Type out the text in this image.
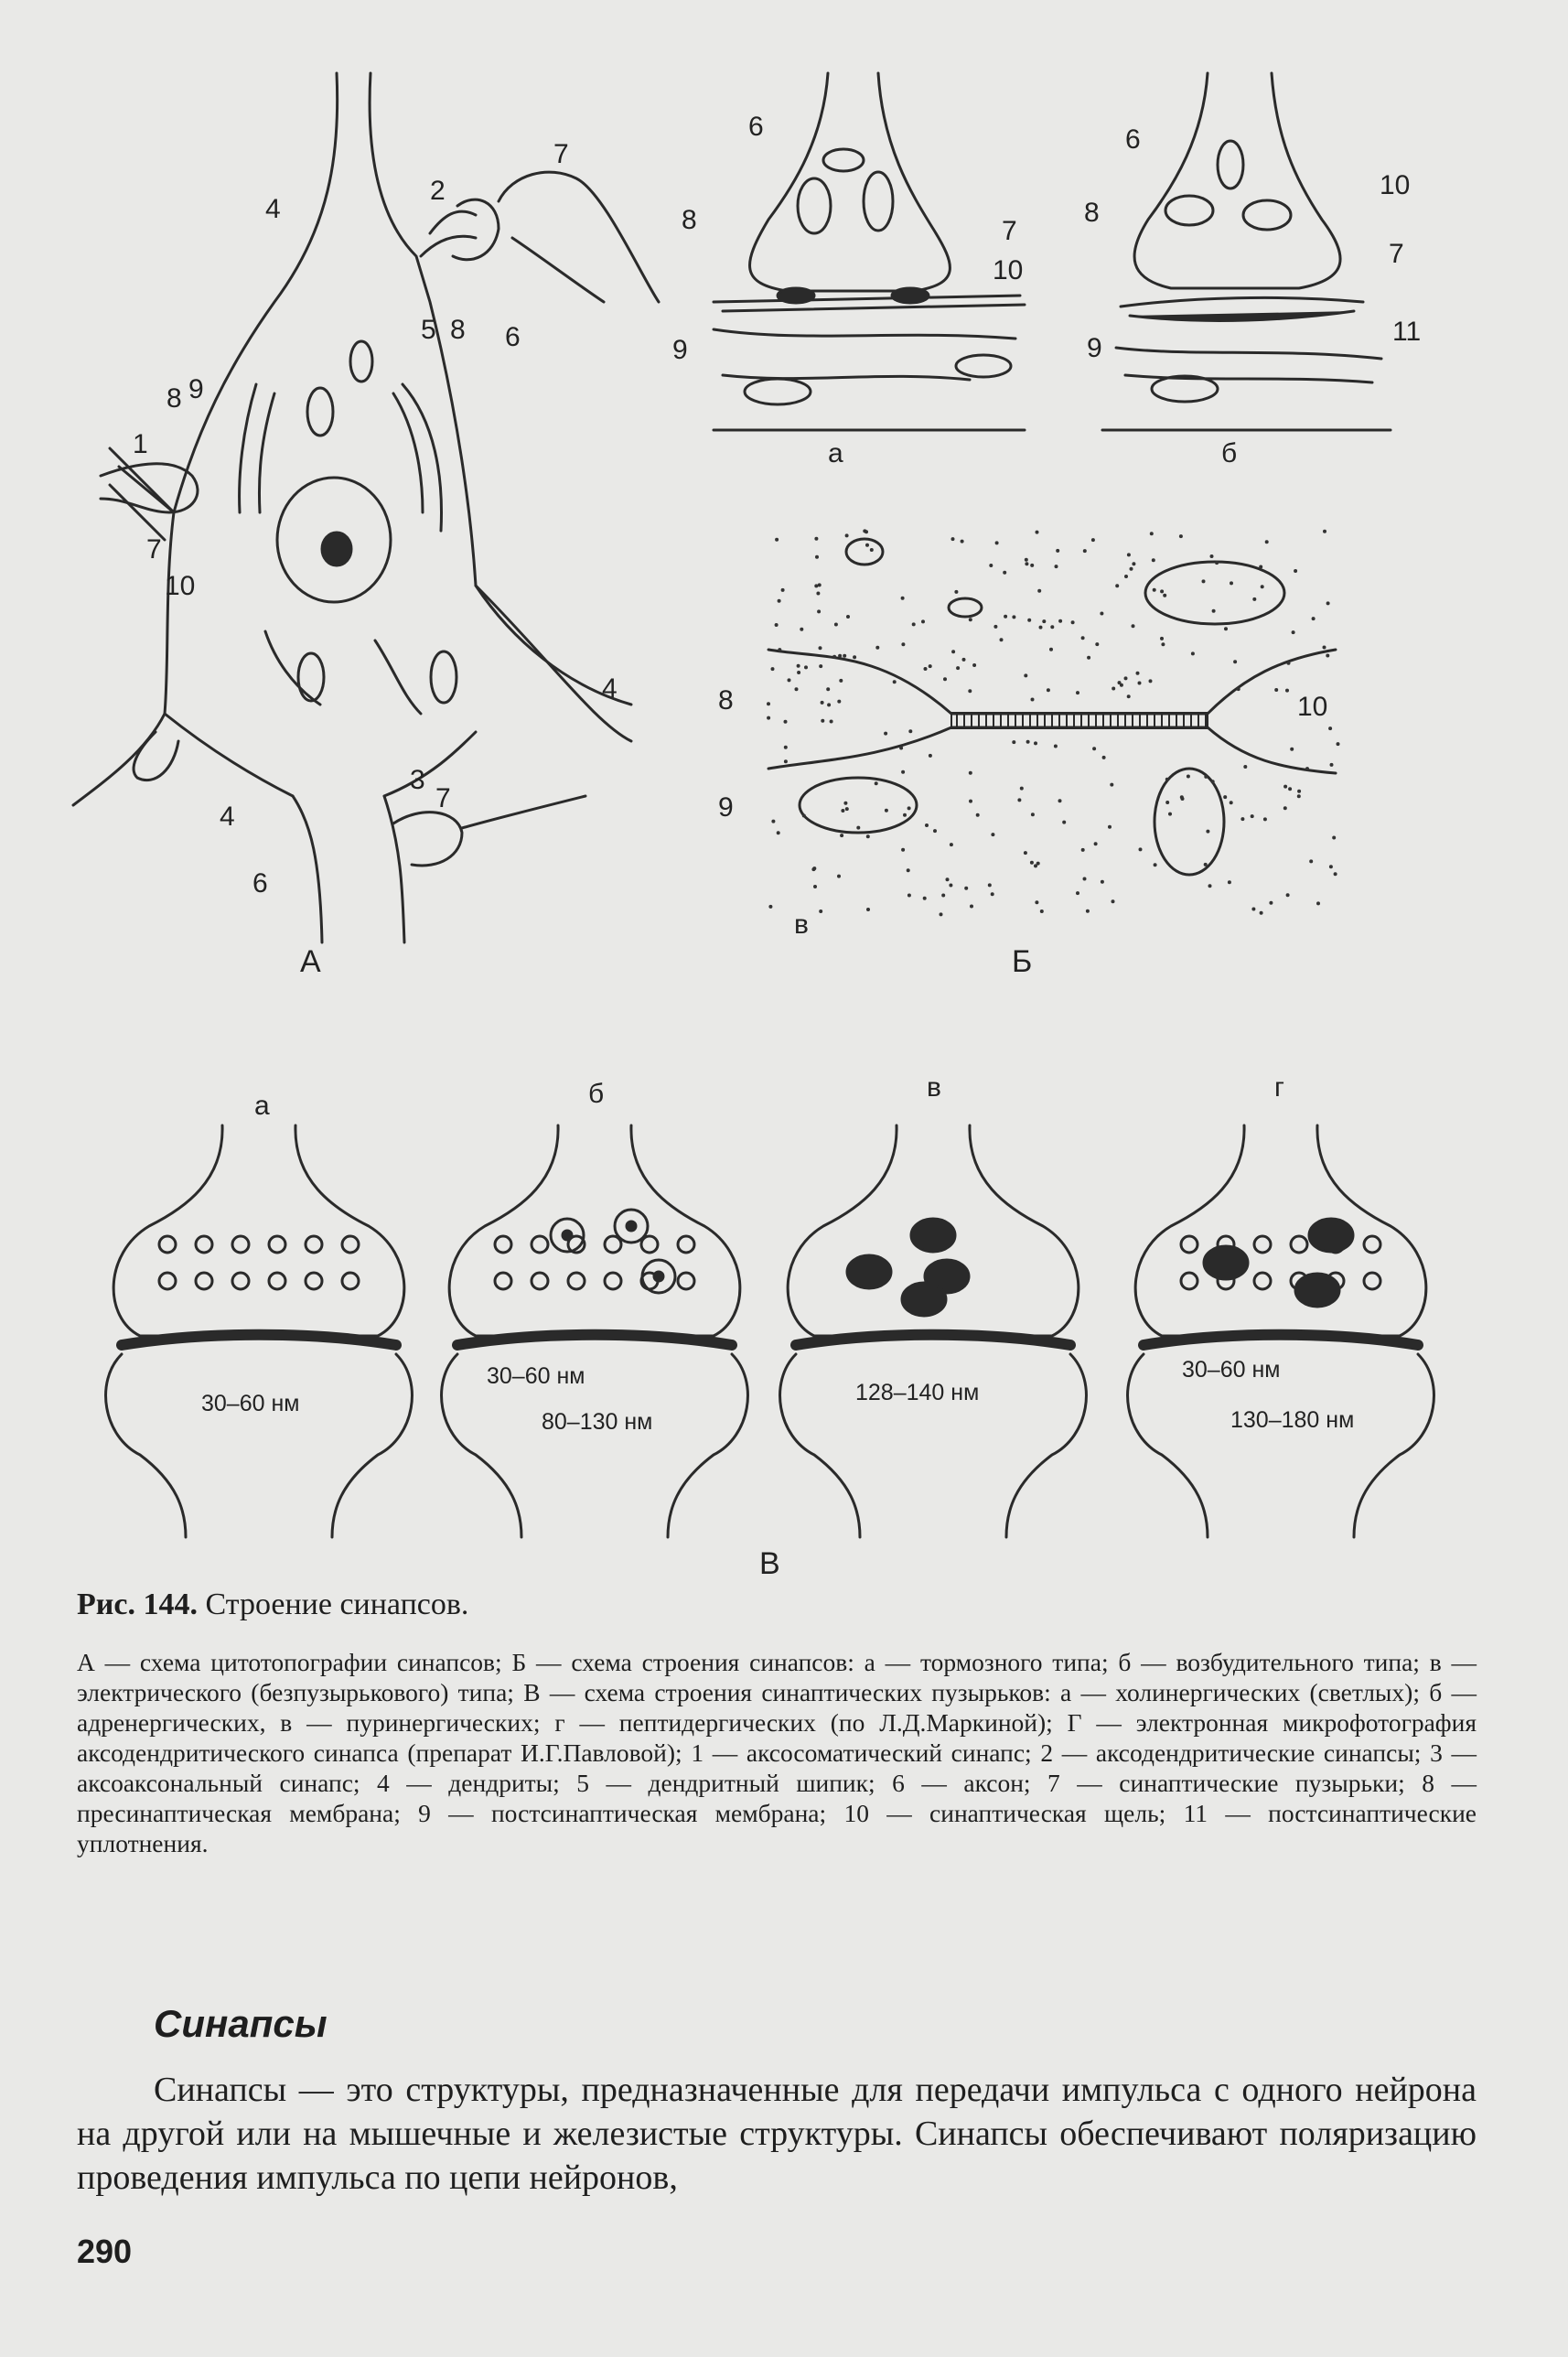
4
2
7
5 8 6
8 9
1
7
10
4
4
3
7
6
А
6
8	7
10
9
а
6
10
8
7
9
11
б
8	10
9
в
Б
а	б	в	г
30–60 нм
30–60 нм
80–130 нм
128–140 нм
30–60 нм
130–180 нм
В
Рис. 144. Строение синапсов.
А — схема цитотопографии синапсов; Б — схема строения синапсов: а — тормозного типа; б — возбудительного типа; в — электрического (безпузырькового) типа; В — схема строения синаптических пузырьков: а — холинергических (светлых); б — адренергических, в — пуринергических; г — пептидергических (по Л.Д.Маркиной); Г — электронная микрофотография аксодендритического синапса (препарат И.Г.Павловой); 1 — аксосоматический синапс; 2 — аксодендритические синапсы; 3 — аксоаксональный синапс; 4 — дендриты; 5 — дендритный шипик; 6 — аксон; 7 — синаптические пузырьки; 8 — пресинаптическая мембрана; 9 — постсинаптическая мембрана; 10 — синаптическая щель; 11 — постсинаптические уплотнения.
Синапсы
Синапсы — это структуры, предназначенные для передачи импульса с одного нейрона на другой или на мышечные и железистые структуры. Синапсы обеспечивают поляризацию проведения импульса по цепи нейронов,
290
